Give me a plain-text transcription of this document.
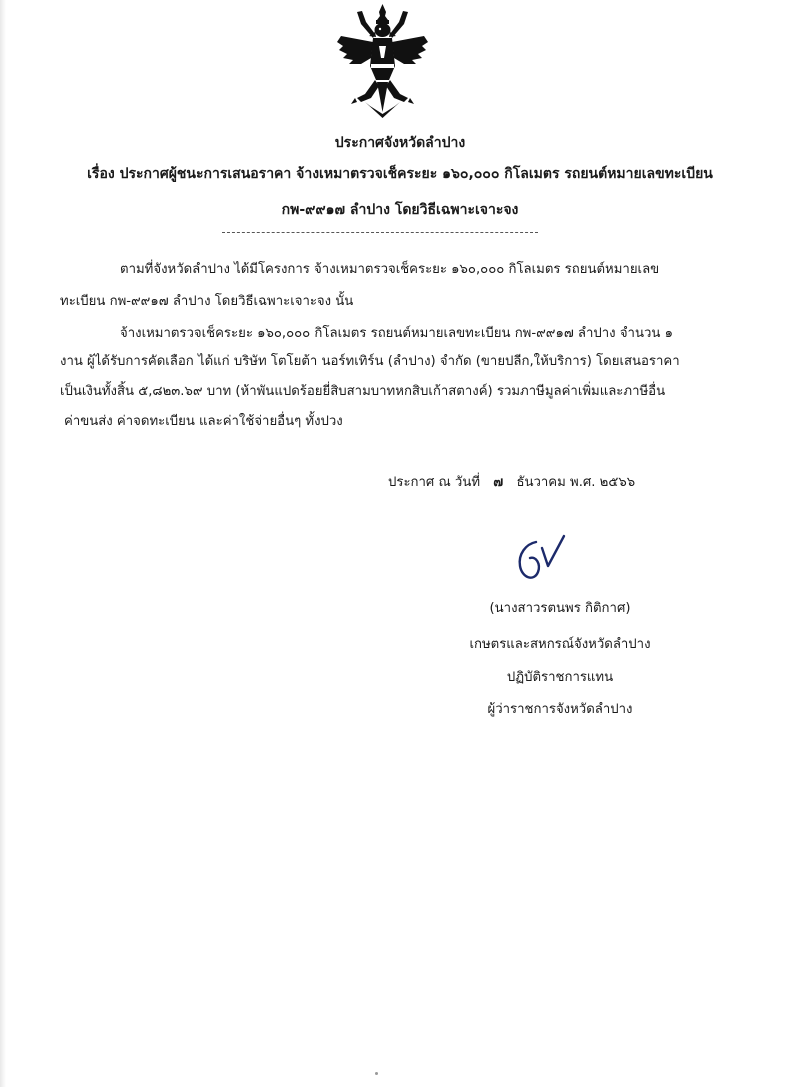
ประกาศจังหวัดลำปาง
เรื่อง ประกาศผู้ชนะการเสนอราคา จ้างเหมาตรวจเช็คระยะ ๑๖๐,๐๐๐ กิโลเมตร รถยนต์หมายเลขทะเบียน
กพ-๙๙๑๗ ลำปาง โดยวิธีเฉพาะเจาะจง
ตามที่จังหวัดลำปาง ได้มีโครงการ จ้างเหมาตรวจเช็คระยะ ๑๖๐,๐๐๐ กิโลเมตร รถยนต์หมายเลข
ทะเบียน กพ-๙๙๑๗ ลำปาง โดยวิธีเฉพาะเจาะจง นั้น
จ้างเหมาตรวจเช็คระยะ ๑๖๐,๐๐๐ กิโลเมตร รถยนต์หมายเลขทะเบียน กพ-๙๙๑๗ ลำปาง จำนวน ๑
งาน ผู้ได้รับการคัดเลือก ได้แก่ บริษัท โตโยต้า นอร์ทเทิร์น (ลำปาง) จำกัด (ขายปลีก,ให้บริการ) โดยเสนอราคา
เป็นเงินทั้งสิ้น ๕,๘๒๓.๖๙ บาท (ห้าพันแปดร้อยยี่สิบสามบาทหกสิบเก้าสตางค์) รวมภาษีมูลค่าเพิ่มและภาษีอื่น
ค่าขนส่ง ค่าจดทะเบียน และค่าใช้จ่ายอื่นๆ ทั้งปวง
ประกาศ ณ วันที่ ๗ ธันวาคม พ.ศ. ๒๕๖๖
(นางสาวรตนพร กิติกาศ)
เกษตรและสหกรณ์จังหวัดลำปาง
ปฏิบัติราชการแทน
ผู้ว่าราชการจังหวัดลำปาง
